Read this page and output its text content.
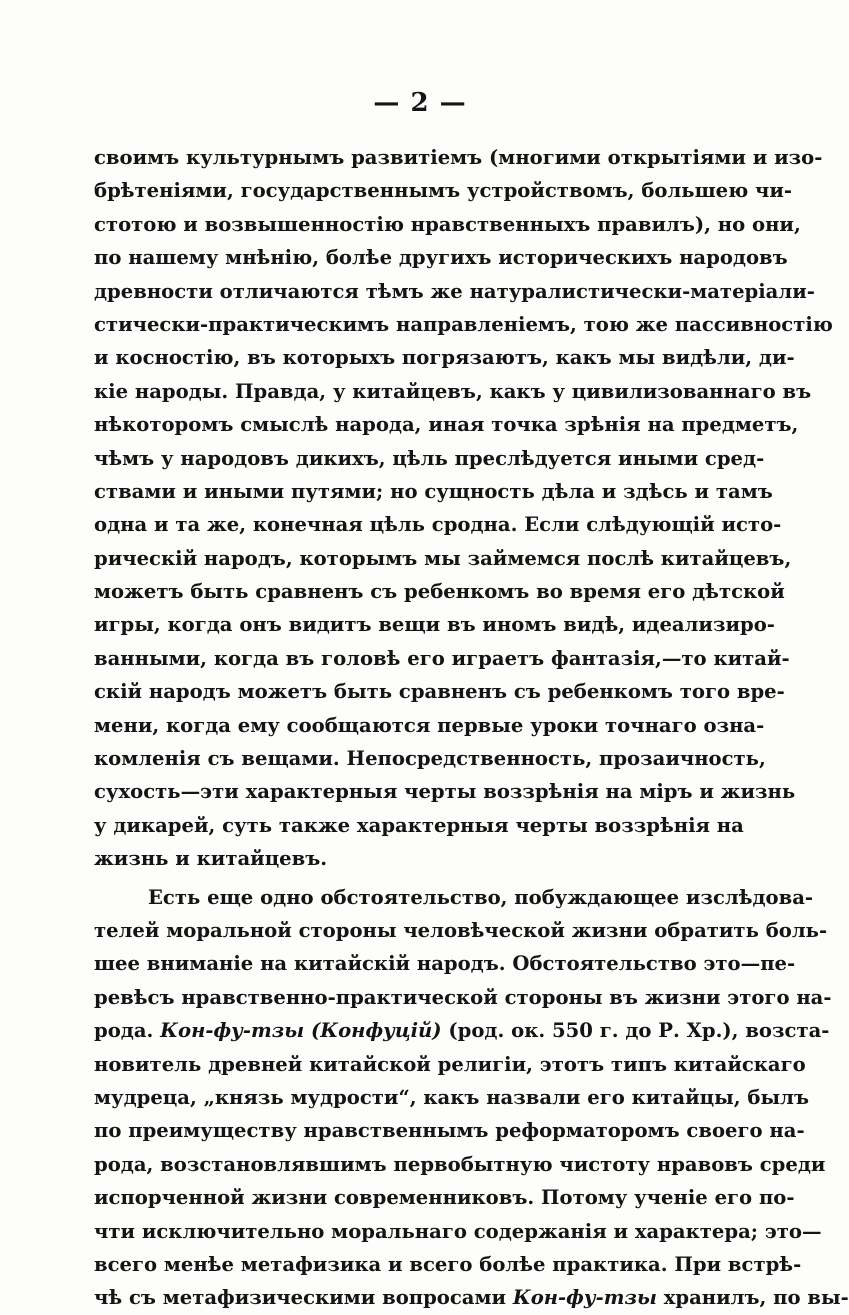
— 2 —
своимъ культурнымъ развитіемъ (многими открытіями и изо-
брѣтеніями, государственнымъ устройствомъ, большею чи-
стотою и возвышенностію нравственныхъ правилъ), но они,
по нашему мнѣнію, болѣе другихъ историческихъ народовъ
древности отличаются тѣмъ же натуралистически-матеріали-
стически-практическимъ направленіемъ, тою же пассивностію
и косностію, въ которыхъ погрязаютъ, какъ мы видѣли, ди-
кіе народы. Правда, у китайцевъ, какъ у цивилизованнаго въ
нѣкоторомъ смыслѣ народа, иная точка зрѣнія на предметъ,
чѣмъ у народовъ дикихъ, цѣль преслѣдуется иными сред-
ствами и иными путями; но сущность дѣла и здѣсь и тамъ
одна и та же, конечная цѣль сродна. Если слѣдующій исто-
рическій народъ, которымъ мы займемся послѣ китайцевъ,
можетъ быть сравненъ съ ребенкомъ во время его дѣтской
игры, когда онъ видитъ вещи въ иномъ видѣ, идеализиро-
ванными, когда въ головѣ его играетъ фантазія,—то китай-
скій народъ можетъ быть сравненъ съ ребенкомъ того вре-
мени, когда ему сообщаются первые уроки точнаго озна-
комленія съ вещами. Непосредственность, прозаичность,
сухость—эти характерныя черты воззрѣнія на міръ и жизнь
у дикарей, суть также характерныя черты воззрѣнія на
жизнь и китайцевъ.
Есть еще одно обстоятельство, побуждающее изслѣдова-
телей моральной стороны человѣческой жизни обратить боль-
шее вниманіе на китайскій народъ. Обстоятельство это—пе-
ревѣсъ нравственно-практической стороны въ жизни этого на-
рода. Кон-фу-тзы (Конфуцій) (род. ок. 550 г. до Р. Хр.), возста-
новитель древней китайской религіи, этотъ типъ китайскаго
мудреца, „князь мудрости“, какъ назвали его китайцы, былъ
по преимуществу нравственнымъ реформаторомъ своего на-
рода, возстановлявшимъ первобытную чистоту нравовъ среди
испорченной жизни современниковъ. Потому ученіе его по-
чти исключительно моральнаго содержанія и характера; это—
всего менѣе метафизика и всего болѣе практика. При встрѣ-
чѣ съ метафизическими вопросами Кон-фу-тзы хранилъ, по вы-
